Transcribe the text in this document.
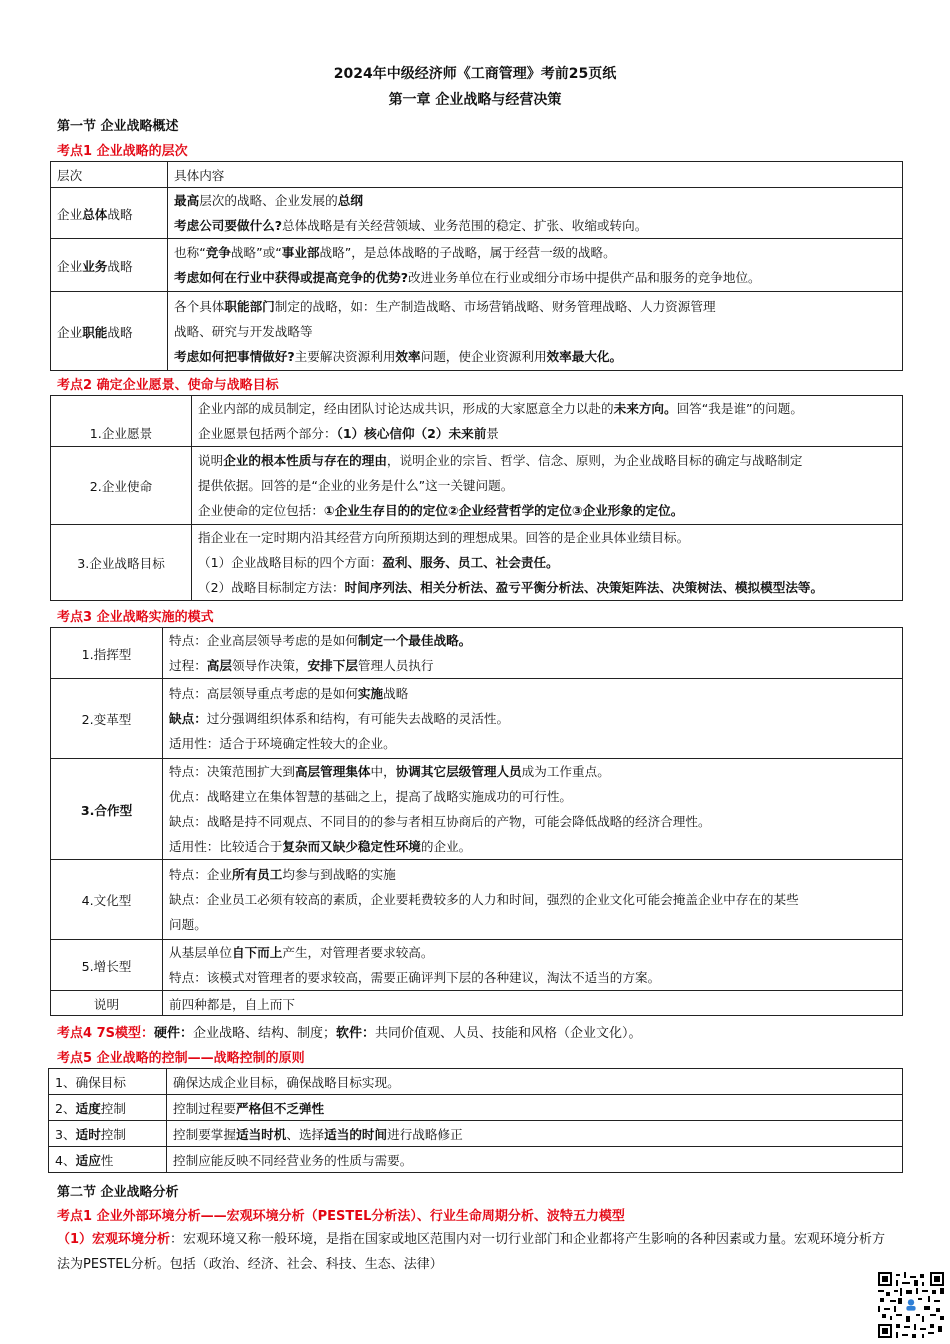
2024年中级经济师《工商管理》考前25页纸
第一章 企业战略与经营决策
第一节 企业战略概述
考点1 企业战略的层次
层次	具体内容
企业总体战略	最高层次的战略、企业发展的总纲
考虑公司要做什么?总体战略是有关经营领域、业务范围的稳定、扩张、收缩或转向。

企业业务战略	也称“竞争战略”或“事业部战略”，是总体战略的子战略，属于经营一级的战略。
考虑如何在行业中获得或提高竞争的优势?改进业务单位在行业或细分市场中提供产品和服务的竞争地位。

企业职能战略	各个具体职能部门制定的战略，如：生产制造战略、市场营销战略、财务管理战略、人力资源管理
战略、研究与开发战略等
考虑如何把事情做好?主要解决资源利用效率问题，使企业资源利用效率最大化。
考点2 确定企业愿景、使命与战略目标
1.企业愿景	企业内部的成员制定，经由团队讨论达成共识，形成的大家愿意全力以赴的未来方向。回答“我是谁”的问题。
企业愿景包括两个部分：（1）核心信仰（2）未来前景

2.企业使命	说明企业的根本性质与存在的理由，说明企业的宗旨、哲学、信念、原则，为企业战略目标的确定与战略制定
提供依据。回答的是“企业的业务是什么”这一关键问题。
企业使命的定位包括：①企业生存目的的定位②企业经营哲学的定位③企业形象的定位。

3.企业战略目标	指企业在一定时期内沿其经营方向所预期达到的理想成果。回答的是企业具体业绩目标。
（1）企业战略目标的四个方面：盈利、服务、员工、社会责任。
（2）战略目标制定方法：时间序列法、相关分析法、盈亏平衡分析法、决策矩阵法、决策树法、模拟模型法等。
考点3 企业战略实施的模式
1.指挥型	特点：企业高层领导考虑的是如何制定一个最佳战略。
过程：高层领导作决策，安排下层管理人员执行

2.变革型	特点：高层领导重点考虑的是如何实施战略
缺点：过分强调组织体系和结构，有可能失去战略的灵活性。
适用性：适合于环境确定性较大的企业。

3.合作型	特点：决策范围扩大到高层管理集体中，协调其它层级管理人员成为工作重点。
优点：战略建立在集体智慧的基础之上，提高了战略实施成功的可行性。
缺点：战略是持不同观点、不同目的的参与者相互协商后的产物，可能会降低战略的经济合理性。
适用性：比较适合于复杂而又缺少稳定性环境的企业。

4.文化型	特点：企业所有员工均参与到战略的实施
缺点：企业员工必须有较高的素质，企业要耗费较多的人力和时间，强烈的企业文化可能会掩盖企业中存在的某些
问题。

5.增长型	从基层单位自下而上产生，对管理者要求较高。
特点：该模式对管理者的要求较高，需要正确评判下层的各种建议，淘汰不适当的方案。

说明	前四种都是，自上而下
考点4 7S模型：硬件：企业战略、结构、制度；软件：共同价值观、人员、技能和风格（企业文化）。
考点5 企业战略的控制——战略控制的原则
1、确保目标	确保达成企业目标，确保战略目标实现。
2、适度控制	控制过程要严格但不乏弹性
3、适时控制	控制要掌握适当时机、选择适当的时间进行战略修正
4、适应性	控制应能反映不同经营业务的性质与需要。
第二节 企业战略分析
考点1 企业外部环境分析——宏观环境分析（PESTEL分析法）、行业生命周期分析、波特五力模型
（1）宏观环境分析：宏观环境又称一般环境，是指在国家或地区范围内对一切行业部门和企业都将产生影响的各种因素或力量。宏观环境分析方法为PESTEL分析。包括（政治、经济、社会、科技、生态、法律）
